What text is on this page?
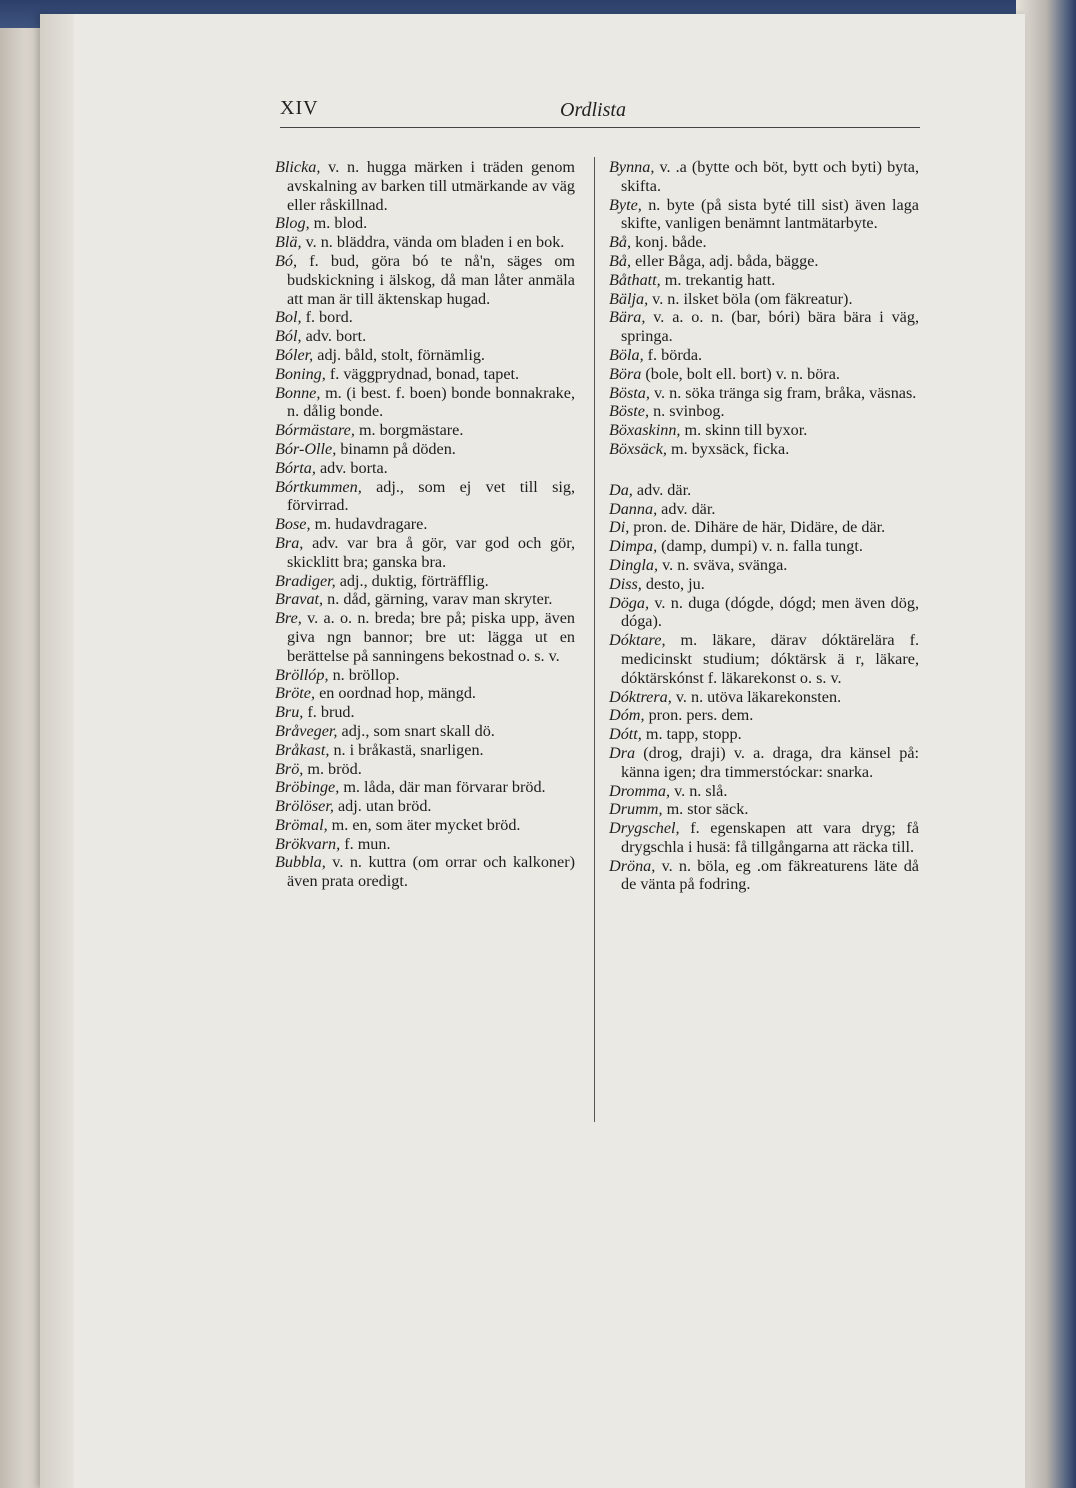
XIV	Ordlista

Blicka, v. n. hugga märken i träden genom avskalning av barken till utmärkande av väg eller råskillnad.

Blog, m. blod.

Blä, v. n. bläddra, vända om bladen i en bok.

Bó, f. bud, göra bó te nå'n, säges om budskickning i älskog, då man låter anmäla att man är till äktenskap hugad.

Bol, f. bord.

Ból, adv. bort.

Bóler, adj. båld, stolt, förnämlig.

Boning, f. väggprydnad, bonad, tapet.

Bonne, m. (i best. f. boen) bonde bonnakrake, n. dålig bonde.

Bórmästare, m. borgmästare.

Bór-Olle, binamn på döden.

Bórta, adv. borta.

Bórtkummen, adj., som ej vet till sig, förvirrad.

Bose, m. hudavdragare.

Bra, adv. var bra å gör, var god och gör, skicklitt bra; ganska bra.

Bradiger, adj., duktig, förträfflig.

Bravat, n. dåd, gärning, varav man skryter.

Bre, v. a. o. n. breda; bre på; piska upp, även giva ngn bannor; bre ut: lägga ut en berättelse på sanningens bekostnad o. s. v.

Bröllóp, n. bröllop.

Bröte, en oordnad hop, mängd.

Bru, f. brud.

Bråveger, adj., som snart skall dö.

Bråkast, n. i bråkastä, snarligen.

Brö, m. bröd.

Bröbinge, m. låda, där man förvarar bröd.

Brölöser, adj. utan bröd.

Brömal, m. en, som äter mycket bröd.

Brökvarn, f. mun.

Bubbla, v. n. kuttra (om orrar och kalkoner) även prata oredigt.

Bynna, v. .a (bytte och böt, bytt och byti) byta, skifta.

Byte, n. byte (på sista byté till sist) även laga skifte, vanligen benämnt lantmätarbyte.

Bå, konj. både.

Bå, eller Båga, adj. båda, bägge.

Båthatt, m. trekantig hatt.

Bälja, v. n. ilsket böla (om fäkreatur).

Bära, v. a. o. n. (bar, bóri) bära bära i väg, springa.

Böla, f. börda.

Böra (bole, bolt ell. bort) v. n. böra.

Bösta, v. n. söka tränga sig fram, bråka, väsnas.

Böste, n. svinbog.

Böxaskinn, m. skinn till byxor.

Böxsäck, m. byxsäck, ficka.

Da, adv. där.

Danna, adv. där.

Di, pron. de. Dihäre de här, Didäre, de där.

Dimpa, (damp, dumpi) v. n. falla tungt.

Dingla, v. n. sväva, svänga.

Diss, desto, ju.

Döga, v. n. duga (dógde, dógd; men även dög, dóga).

Dóktare, m. läkare, därav dóktärelära f. medicinskt studium; dóktärsk ä r, läkare, dóktärskónst f. läkarekonst o. s. v.

Dóktrera, v. n. utöva läkarekonsten.

Dóm, pron. pers. dem.

Dótt, m. tapp, stopp.

Dra (drog, draji) v. a. draga, dra känsel på: känna igen; dra timmerstóckar: snarka.

Dromma, v. n. slå.

Drumm, m. stor säck.

Drygschel, f. egenskapen att vara dryg; få drygschla i husä: få tillgångarna att räcka till.

Dröna, v. n. böla, eg .om fäkreaturens läte då de vänta på fodring.
